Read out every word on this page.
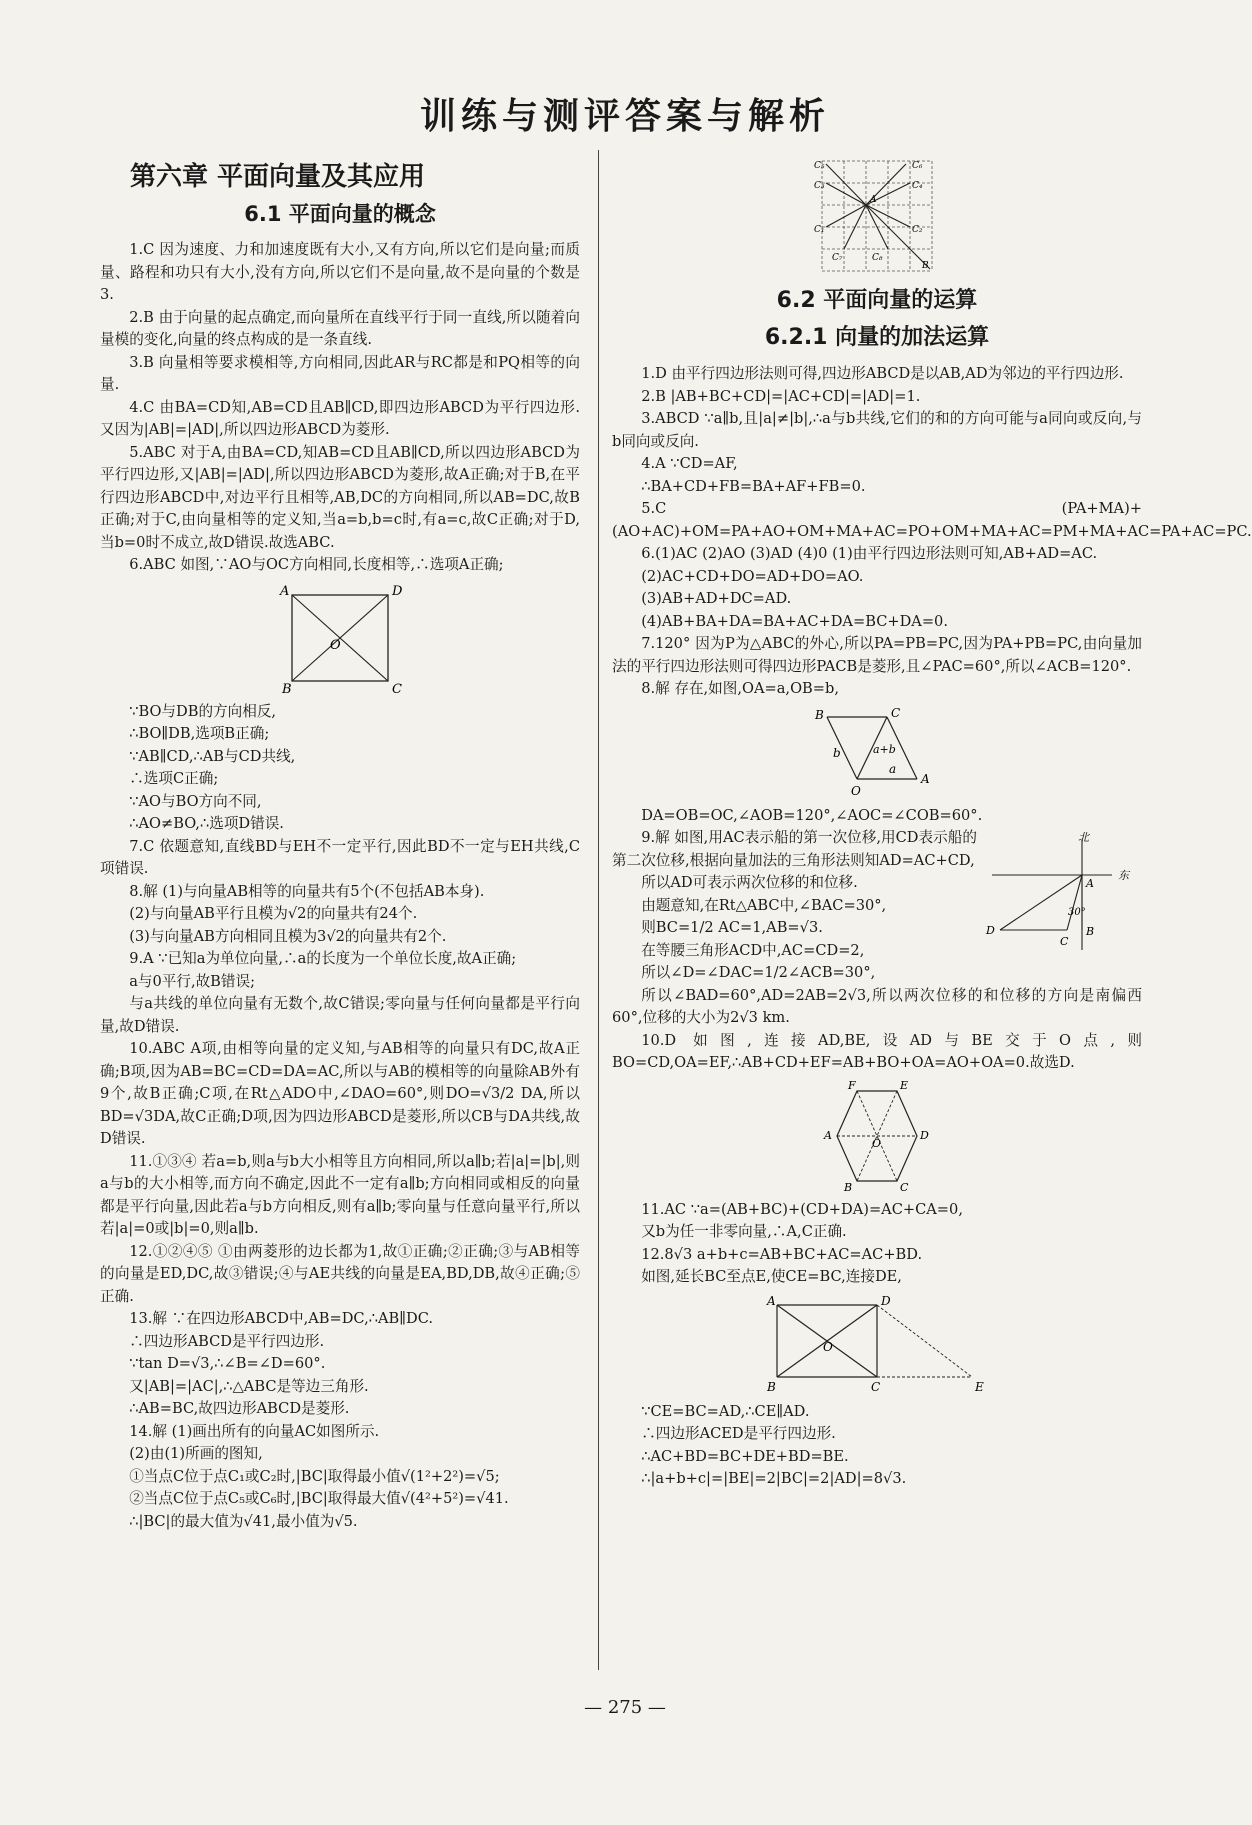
训练与测评答案与解析
第六章 平面向量及其应用
6.1 平面向量的概念

1.C 因为速度、力和加速度既有大小,又有方向,所以它们是向量;而质量、路程和功只有大小,没有方向,所以它们不是向量,故不是向量的个数是3.

2.B 由于向量的起点确定,而向量所在直线平行于同一直线,所以随着向量模的变化,向量的终点构成的是一条直线.

3.B 向量相等要求模相等,方向相同,因此AR与RC都是和PQ相等的向量.

4.C 由BA=CD知,AB=CD且AB∥CD,即四边形ABCD为平行四边形.又因为|AB|=|AD|,所以四边形ABCD为菱形.

5.ABC 对于A,由BA=CD,知AB=CD且AB∥CD,所以四边形ABCD为平行四边形,又|AB|=|AD|,所以四边形ABCD为菱形,故A正确;对于B,在平行四边形ABCD中,对边平行且相等,AB,DC的方向相同,所以AB=DC,故B正确;对于C,由向量相等的定义知,当a=b,b=c时,有a=c,故C正确;对于D,当b=0时不成立,故D错误.故选ABC.

6.ABC 如图,∵AO与OC方向相同,长度相等,∴选项A正确;

A	D
O
B	C

∵BO与DB的方向相反,

∴BO∥DB,选项B正确;

∵AB∥CD,∴AB与CD共线,

∴选项C正确;

∵AO与BO方向不同,

∴AO≠BO,∴选项D错误.

7.C 依题意知,直线BD与EH不一定平行,因此BD不一定与EH共线,C项错误.

8.解 (1)与向量AB相等的向量共有5个(不包括AB本身).

(2)与向量AB平行且模为√2的向量共有24个.

(3)与向量AB方向相同且模为3√2的向量共有2个.

9.A ∵已知a为单位向量,∴a的长度为一个单位长度,故A正确;

a与0平行,故B错误;

与a共线的单位向量有无数个,故C错误;零向量与任何向量都是平行向量,故D错误.

10.ABC A项,由相等向量的定义知,与AB相等的向量只有DC,故A正确;B项,因为AB=BC=CD=DA=AC,所以与AB的模相等的向量除AB外有9个,故B正确;C项,在Rt△ADO中,∠DAO=60°,则DO=√3/2 DA,所以BD=√3DA,故C正确;D项,因为四边形ABCD是菱形,所以CB与DA共线,故D错误.

11.①③④ 若a=b,则a与b大小相等且方向相同,所以a∥b;若|a|=|b|,则a与b的大小相等,而方向不确定,因此不一定有a∥b;方向相同或相反的向量都是平行向量,因此若a与b方向相反,则有a∥b;零向量与任意向量平行,所以若|a|=0或|b|=0,则a∥b.

12.①②④⑤ ①由两菱形的边长都为1,故①正确;②正确;③与AB相等的向量是ED,DC,故③错误;④与AE共线的向量是EA,BD,DB,故④正确;⑤正确.

13.解 ∵在四边形ABCD中,AB=DC,∴AB∥DC.

∴四边形ABCD是平行四边形.

∵tan D=√3,∴∠B=∠D=60°.

又|AB|=|AC|,∴△ABC是等边三角形.

∴AB=BC,故四边形ABCD是菱形.

14.解 (1)画出所有的向量AC如图所示.

(2)由(1)所画的图知,

①当点C位于点C₁或C₂时,|BC|取得最小值√(1²+2²)=√5;

②当点C位于点C₅或C₆时,|BC|取得最大值√(4²+5²)=√41.

∴|BC|的最大值为√41,最小值为√5.

C₅	C₆
C₃	C₄
C₁	C₂
C₇	C₈
A
B
6.2 平面向量的运算
6.2.1 向量的加法运算

1.D 由平行四边形法则可得,四边形ABCD是以AB,AD为邻边的平行四边形.

2.B |AB+BC+CD|=|AC+CD|=|AD|=1.

3.ABCD ∵a∥b,且|a|≠|b|,∴a与b共线,它们的和的方向可能与a同向或反向,与b同向或反向.

4.A ∵CD=AF,

∴BA+CD+FB=BA+AF+FB=0.

5.C (PA+MA)+(AO+AC)+OM=PA+AO+OM+MA+AC=PO+OM+MA+AC=PM+MA+AC=PA+AC=PC.

6.(1)AC (2)AO (3)AD (4)0 (1)由平行四边形法则可知,AB+AD=AC.

(2)AC+CD+DO=AD+DO=AO.

(3)AB+AD+DC=AD.

(4)AB+BA+DA=BA+AC+DA=BC+DA=0.

7.120° 因为P为△ABC的外心,所以PA=PB=PC,因为PA+PB=PC,由向量加法的平行四边形法则可得四边形PACB是菱形,且∠PAC=60°,所以∠ACB=120°.

8.解 存在,如图,OA=a,OB=b,

B	C
A
b	a+b
O
a
北
东
A
30°
B
C
D

DA=OB=OC,∠AOB=120°,∠AOC=∠COB=60°.

9.解 如图,用AC表示船的第一次位移,用CD表示船的第二次位移,根据向量加法的三角形法则知AD=AC+CD,

所以AD可表示两次位移的和位移.

由题意知,在Rt△ABC中,∠BAC=30°,

则BC=1/2 AC=1,AB=√3.

在等腰三角形ACD中,AC=CD=2,

所以∠D=∠DAC=1/2∠ACB=30°,

所以∠BAD=60°,AD=2AB=2√3,所以两次位移的和位移的方向是南偏西60°,位移的大小为2√3 km.

10.D 如图,连接AD,BE,设AD与BE交于O点,则BO=CD,OA=EF,∴AB+CD+EF=AB+BO+OA=AO+OA=0.故选D.

F	E
A	D
O
B	C

11.AC ∵a=(AB+BC)+(CD+DA)=AC+CA=0,

又b为任一非零向量,∴A,C正确.

12.8√3 a+b+c=AB+BC+AC=AC+BD.

如图,延长BC至点E,使CE=BC,连接DE,

A	D
O
B	C	E

∵CE=BC=AD,∴CE∥AD.

∴四边形ACED是平行四边形.

∴AC+BD=BC+DE+BD=BE.

∴|a+b+c|=|BE|=2|BC|=2|AD|=8√3.

— 275 —
